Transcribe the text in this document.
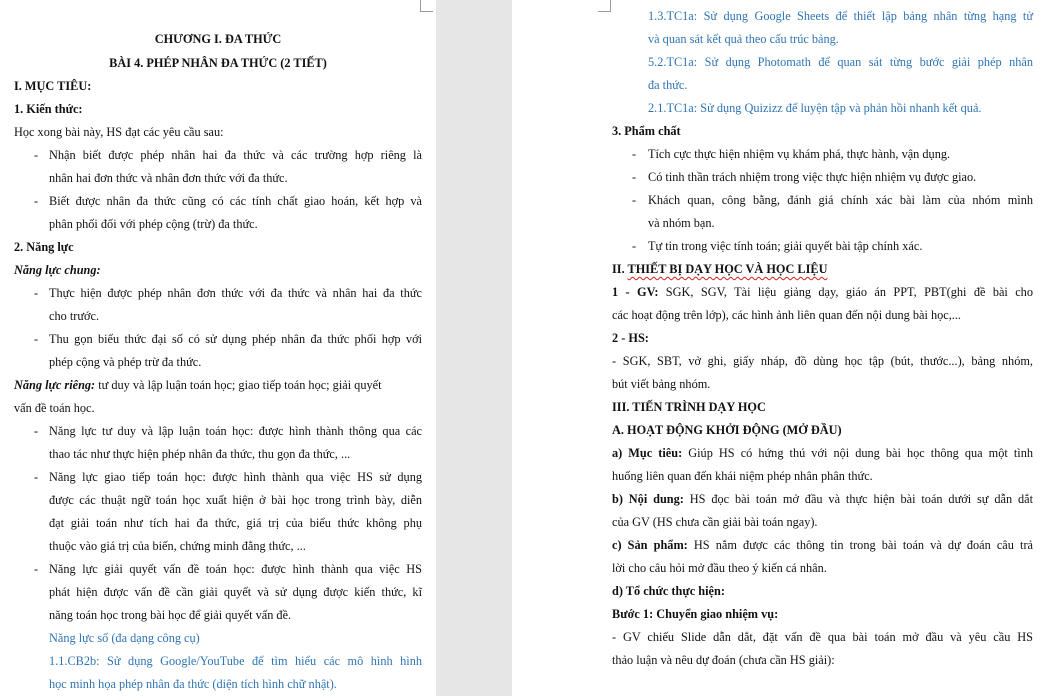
CHƯƠNG I. ĐA THỨC
BÀI 4. PHÉP NHÂN ĐA THỨC (2 TIẾT)
I. MỤC TIÊU:
1. Kiến thức:
Học xong bài này, HS đạt các yêu cầu sau:
- Nhận biết được phép nhân hai đa thức và các trường hợp riêng là
nhân hai đơn thức và nhân đơn thức với đa thức.
- Biết được nhân đa thức cũng có các tính chất giao hoán, kết hợp và
phân phối đối với phép cộng (trừ) đa thức.
2. Năng lực
Năng lực chung:
- Thực hiện được phép nhân đơn thức với đa thức và nhân hai đa thức
cho trước.
- Thu gọn biểu thức đại số có sử dụng phép nhân đa thức phối hợp với
phép cộng và phép trừ đa thức.
Năng lực riêng: tư duy và lập luận toán học; giao tiếp toán học; giải quyết
vấn đề toán học.
- Năng lực tư duy và lập luận toán học: được hình thành thông qua các
thao tác như thực hiện phép nhân đa thức, thu gọn đa thức, ...
- Năng lực giao tiếp toán học: được hình thành qua việc HS sử dụng
được các thuật ngữ toán học xuất hiện ở bài học trong trình bày, diễn
đạt giải toán như tích hai đa thức, giá trị của biểu thức không phụ
thuộc vào giá trị của biến, chứng minh đẳng thức, ...
- Năng lực giải quyết vấn đề toán học: được hình thành qua việc HS
phát hiện được vấn đề cần giải quyết và sử dụng được kiến thức, kĩ
năng toán học trong bài học để giải quyết vấn đề.
Năng lực số (đa dạng công cụ)
1.1.CB2b: Sử dụng Google/YouTube để tìm hiểu các mô hình hình
học minh họa phép nhân đa thức (diện tích hình chữ nhật).
1.3.TC1a: Sử dụng Google Sheets để thiết lập bảng nhân từng hạng tử
và quan sát kết quả theo cấu trúc bảng.
5.2.TC1a: Sử dụng Photomath để quan sát từng bước giải phép nhân
đa thức.
2.1.TC1a: Sử dụng Quizizz để luyện tập và phản hồi nhanh kết quả.
3. Phẩm chất
- Tích cực thực hiện nhiệm vụ khám phá, thực hành, vận dụng.
- Có tinh thần trách nhiệm trong việc thực hiện nhiệm vụ được giao.
- Khách quan, công bằng, đánh giá chính xác bài làm của nhóm mình
và nhóm bạn.
- Tự tin trong việc tính toán; giải quyết bài tập chính xác.
II. THIẾT BỊ DẠY HỌC VÀ HỌC LIỆU
1 - GV: SGK, SGV, Tài liệu giảng dạy, giáo án PPT, PBT(ghi đề bài cho
các hoạt động trên lớp), các hình ảnh liên quan đến nội dung bài học,...
2 - HS:
- SGK, SBT, vở ghi, giấy nháp, đồ dùng học tập (bút, thước...), bảng nhóm,
bút viết bảng nhóm.
III. TIẾN TRÌNH DẠY HỌC
A. HOẠT ĐỘNG KHỞI ĐỘNG (MỞ ĐẦU)
a) Mục tiêu: Giúp HS có hứng thú với nội dung bài học thông qua một tình
huống liên quan đến khái niệm phép nhân phân thức.
b) Nội dung: HS đọc bài toán mở đầu và thực hiện bài toán dưới sự dẫn dắt
của GV (HS chưa cần giải bài toán ngay).
c) Sản phẩm: HS nắm được các thông tin trong bài toán và dự đoán câu trả
lời cho câu hỏi mở đầu theo ý kiến cá nhân.
d) Tổ chức thực hiện:
Bước 1: Chuyển giao nhiệm vụ:
- GV chiếu Slide dẫn dắt, đặt vấn đề qua bài toán mở đầu và yêu cầu HS
thảo luận và nêu dự đoán (chưa cần HS giải):
